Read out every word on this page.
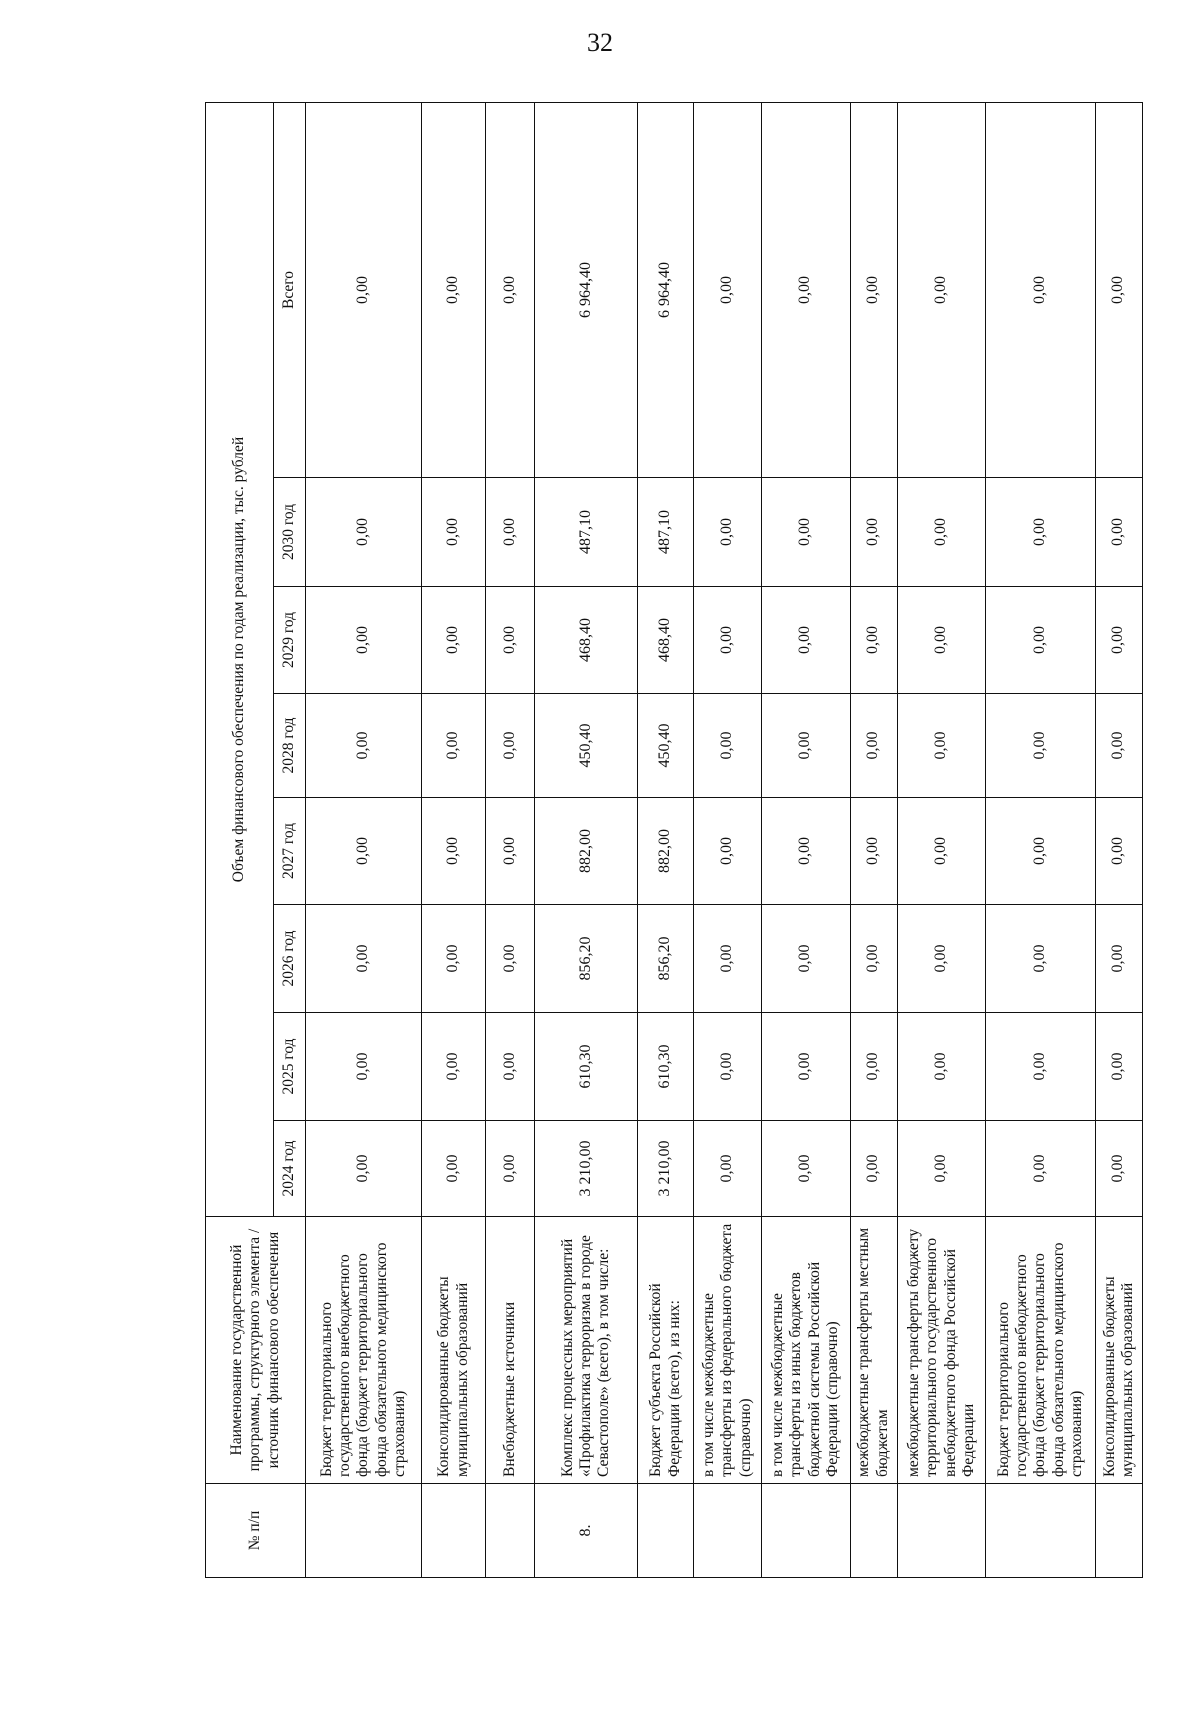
32
№ п/п	Наименование государственной программы, структурного элемента / источник финансового обеспечения	Объем финансового обеспечения по годам реализации, тыс. рублей							
		2024 год	2025 год	2026 год	2027 год	2028 год	2029 год	2030 год	Всего
	Бюджет территориального государственного внебюджетного фонда (бюджет территориального фонда обязательного медицинского страхования)	0,00	0,00	0,00	0,00	0,00	0,00	0,00	0,00
	Консолидированные бюджеты муниципальных образований	0,00	0,00	0,00	0,00	0,00	0,00	0,00	0,00
	Внебюджетные источники	0,00	0,00	0,00	0,00	0,00	0,00	0,00	0,00
8.	Комплекс процессных мероприятий «Профилактика терроризма в городе Севастополе» (всего), в том числе:	3 210,00	610,30	856,20	882,00	450,40	468,40	487,10	6 964,40
	Бюджет субъекта Российской Федерации (всего), из них:	3 210,00	610,30	856,20	882,00	450,40	468,40	487,10	6 964,40
	в том числе межбюджетные трансферты из федерального бюджета (справочно)	0,00	0,00	0,00	0,00	0,00	0,00	0,00	0,00
	в том числе межбюджетные трансферты из иных бюджетов бюджетной системы Российской Федерации (справочно)	0,00	0,00	0,00	0,00	0,00	0,00	0,00	0,00
	межбюджетные трансферты местным бюджетам	0,00	0,00	0,00	0,00	0,00	0,00	0,00	0,00
	межбюджетные трансферты бюджету территориального государственного внебюджетного фонда Российской Федерации	0,00	0,00	0,00	0,00	0,00	0,00	0,00	0,00
	Бюджет территориального государственного внебюджетного фонда (бюджет территориального фонда обязательного медицинского страхования)	0,00	0,00	0,00	0,00	0,00	0,00	0,00	0,00
	Консолидированные бюджеты муниципальных образований	0,00	0,00	0,00	0,00	0,00	0,00	0,00	0,00
